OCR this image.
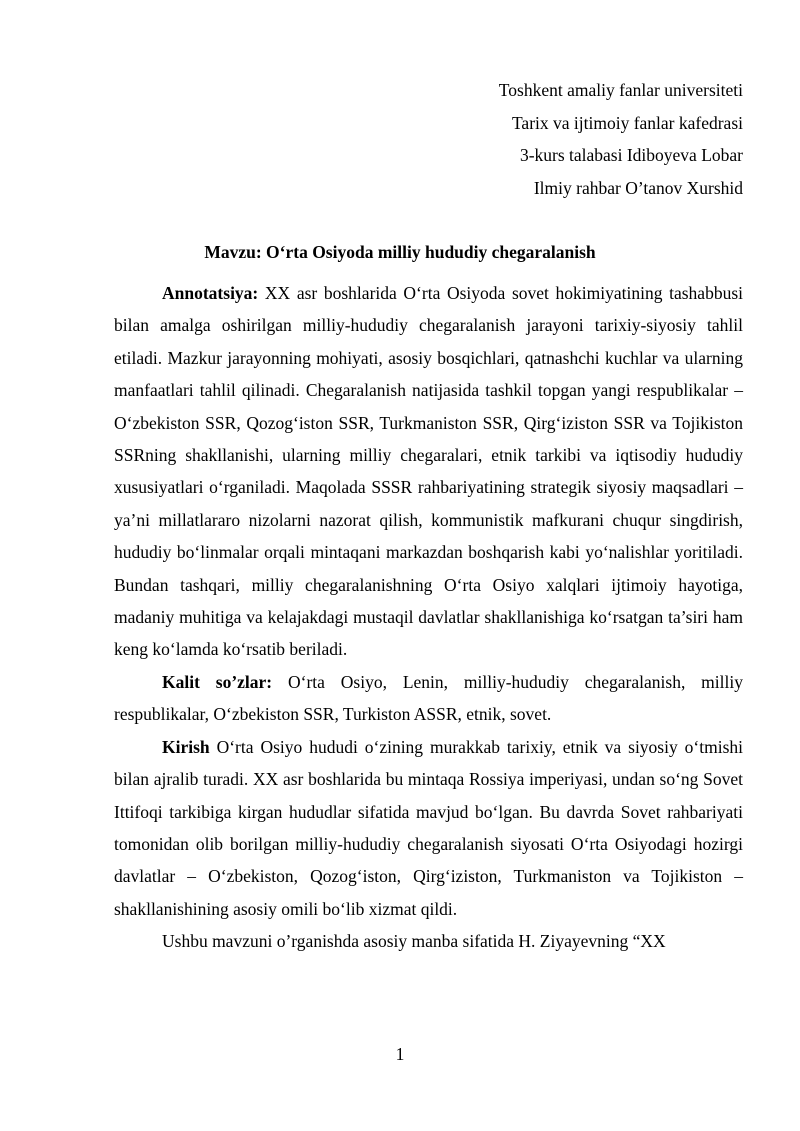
Toshkent amaliy fanlar universiteti
Tarix va ijtimoiy fanlar kafedrasi
3-kurs talabasi Idiboyeva Lobar
Ilmiy rahbar O’tanov Xurshid
Mavzu: O‘rta Osiyoda milliy hududiy chegaralanish

Annotatsiya: XX asr boshlarida O‘rta Osiyoda sovet hokimiyatining tashabbusi bilan amalga oshirilgan milliy-hududiy chegaralanish jarayoni tarixiy-siyosiy tahlil etiladi. Mazkur jarayonning mohiyati, asosiy bosqichlari, qatnashchi kuchlar va ularning manfaatlari tahlil qilinadi. Chegaralanish natijasida tashkil topgan yangi respublikalar – O‘zbekiston SSR, Qozog‘iston SSR, Turkmaniston SSR, Qirg‘iziston SSR va Tojikiston SSRning shakllanishi, ularning milliy chegaralari, etnik tarkibi va iqtisodiy hududiy xususiyatlari o‘rganiladi. Maqolada SSSR rahbariyatining strategik siyosiy maqsadlari – ya’ni millatlararo nizolarni nazorat qilish, kommunistik mafkurani chuqur singdirish, hududiy bo‘linmalar orqali mintaqani markazdan boshqarish kabi yo‘nalishlar yoritiladi. Bundan tashqari, milliy chegaralanishning O‘rta Osiyo xalqlari ijtimoiy hayotiga, madaniy muhitiga va kelajakdagi mustaqil davlatlar shakllanishiga ko‘rsatgan ta’siri ham keng ko‘lamda ko‘rsatib beriladi.

Kalit so’zlar: O‘rta Osiyo, Lenin, milliy-hududiy chegaralanish, milliy respublikalar, O‘zbekiston SSR, Turkiston ASSR, etnik, sovet.

Kirish O‘rta Osiyo hududi o‘zining murakkab tarixiy, etnik va siyosiy o‘tmishi bilan ajralib turadi. XX asr boshlarida bu mintaqa Rossiya imperiyasi, undan so‘ng Sovet Ittifoqi tarkibiga kirgan hududlar sifatida mavjud bo‘lgan. Bu davrda Sovet rahbariyati tomonidan olib borilgan milliy-hududiy chegaralanish siyosati O‘rta Osiyodagi hozirgi davlatlar – O‘zbekiston, Qozog‘iston, Qirg‘iziston, Turkmaniston va Tojikiston – shakllanishining asosiy omili bo‘lib xizmat qildi.

Ushbu mavzuni o’rganishda asosiy manba sifatida H. Ziyayevning “XX

1
